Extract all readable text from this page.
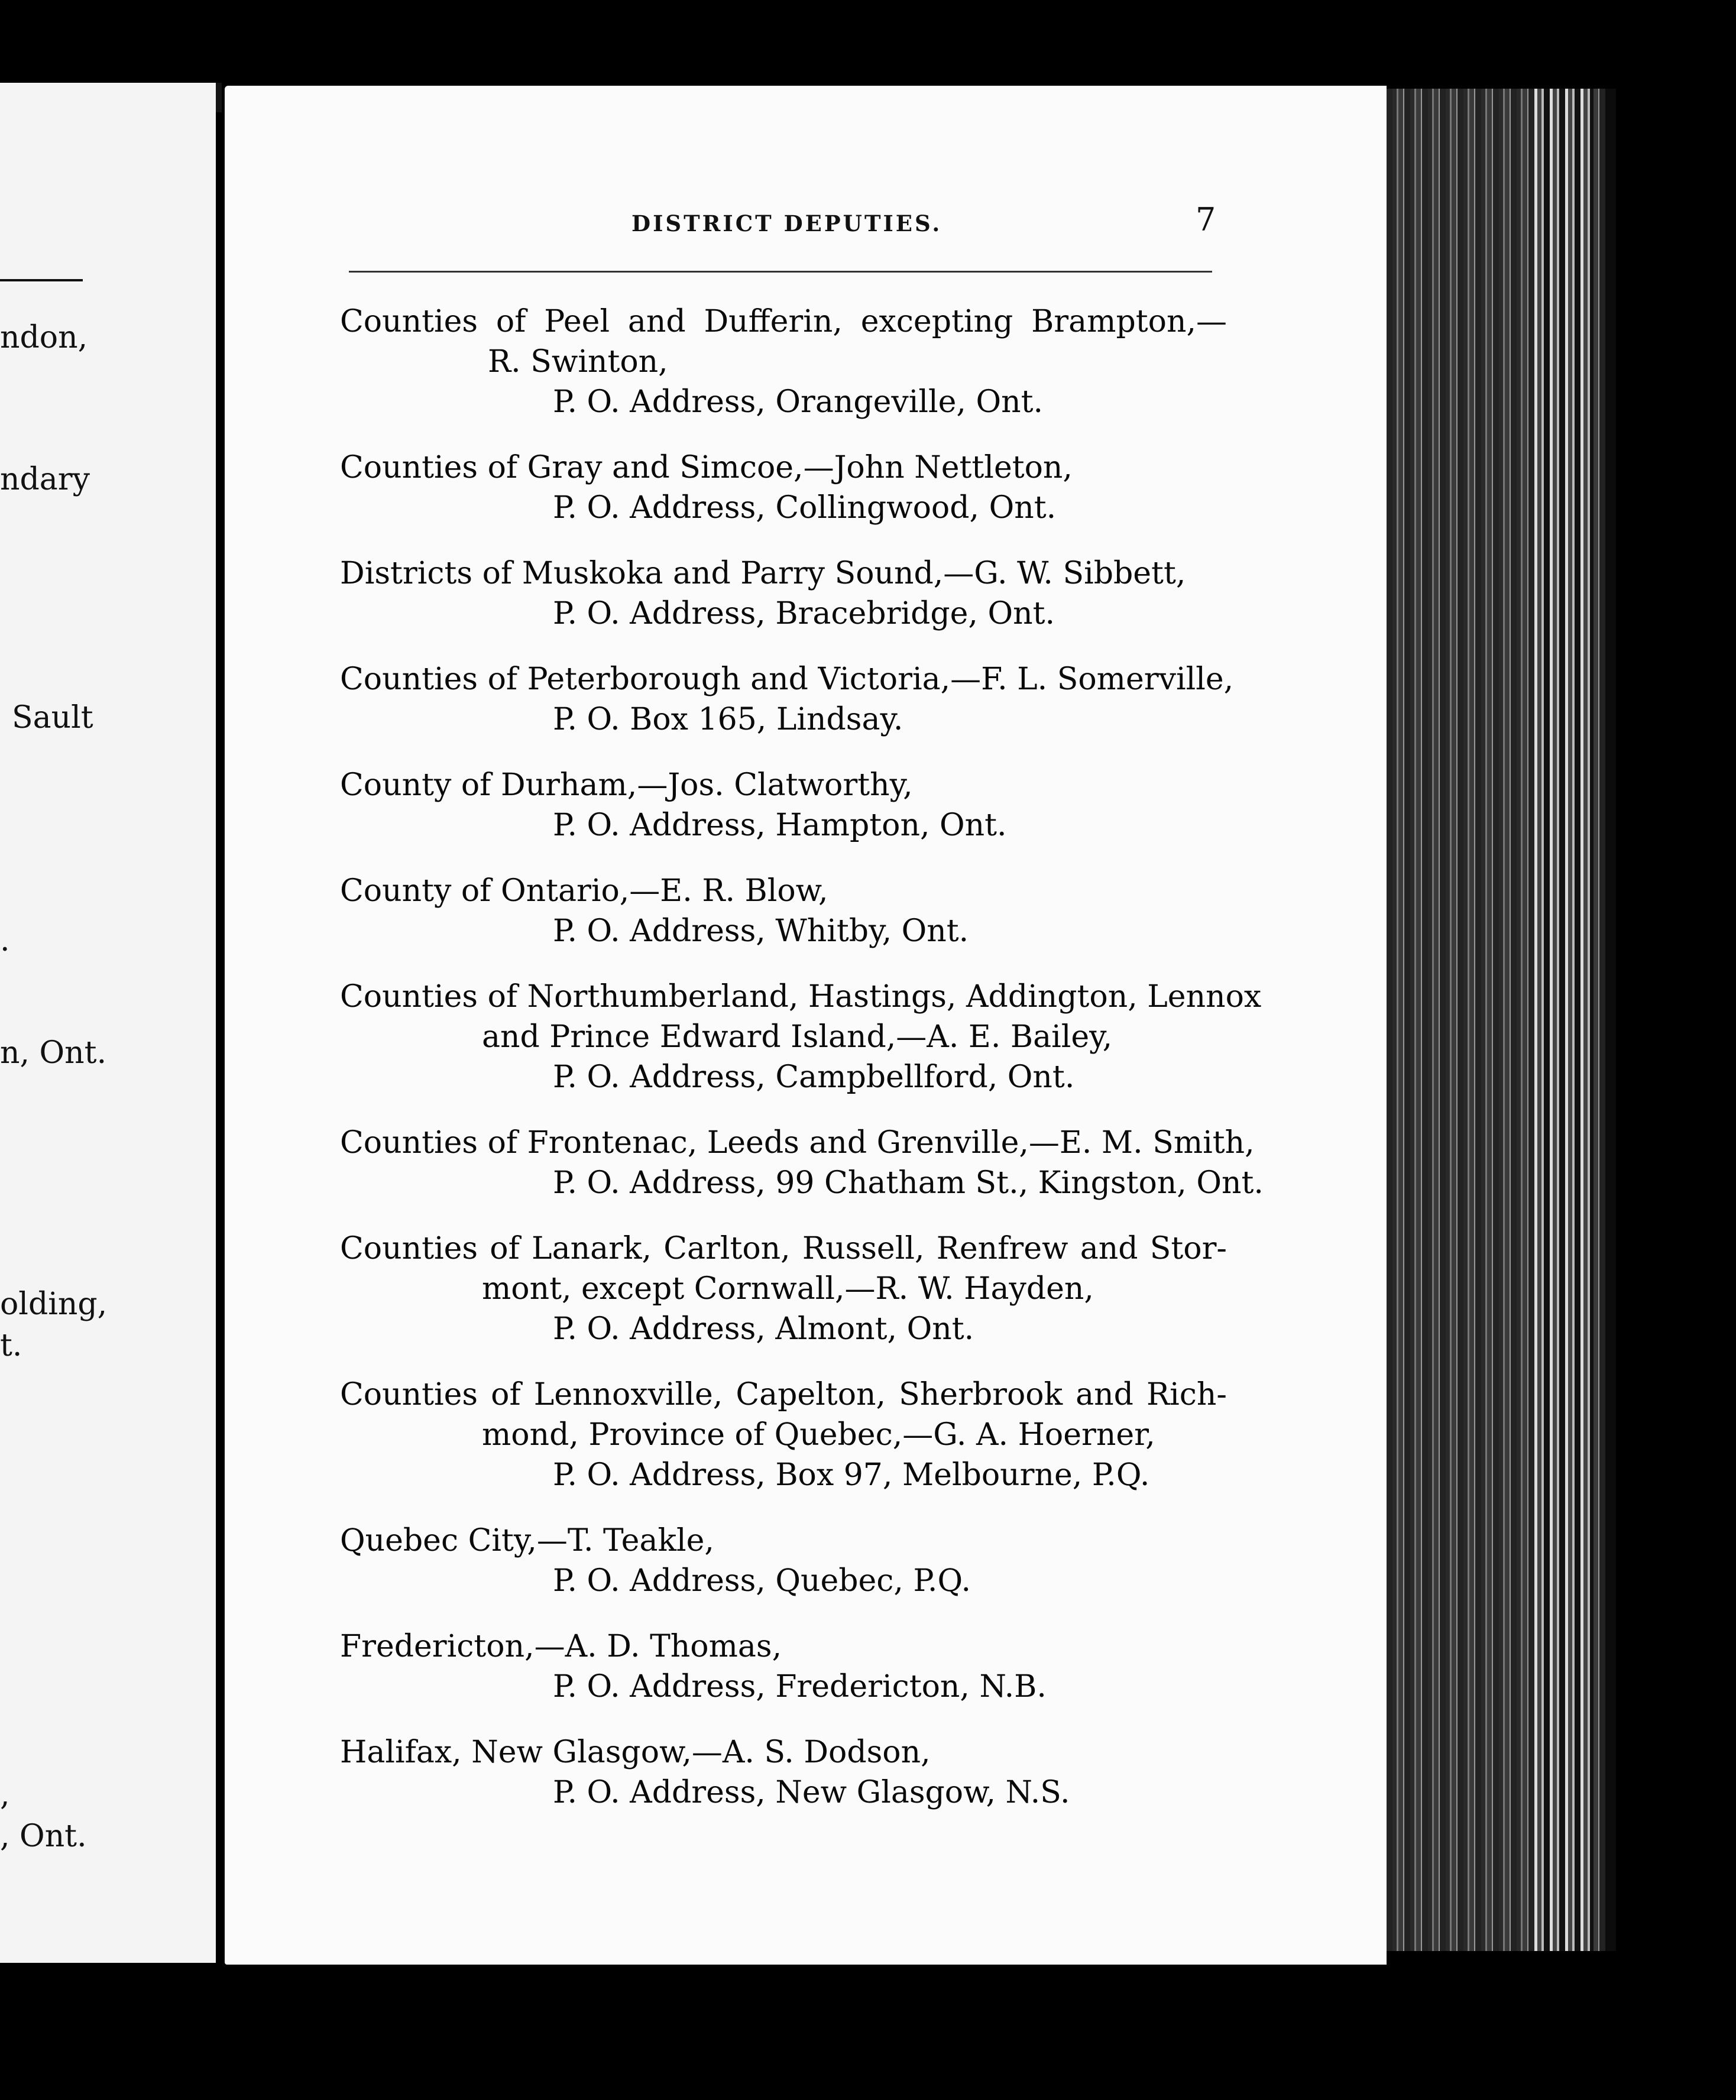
ndon,
ndary
Sault
.
n, Ont.
olding,
t.
,
, Ont.
DISTRICT DEPUTIES.	7
Counties of Peel and Dufferin, excepting Brampton,—
R. Swinton,
P. O. Address, Orangeville, Ont.
Counties of Gray and Simcoe,—John Nettleton,
P. O. Address, Collingwood, Ont.
Districts of Muskoka and Parry Sound,—G. W. Sibbett,
P. O. Address, Bracebridge, Ont.
Counties of Peterborough and Victoria,—F. L. Somerville,
P. O. Box 165, Lindsay.
County of Durham,—Jos. Clatworthy,
P. O. Address, Hampton, Ont.
County of Ontario,—E. R. Blow,
P. O. Address, Whitby, Ont.
Counties of Northumberland, Hastings, Addington, Lennox
and Prince Edward Island,—A. E. Bailey,
P. O. Address, Campbellford, Ont.
Counties of Frontenac, Leeds and Grenville,—E. M. Smith,
P. O. Address, 99 Chatham St., Kingston, Ont.
Counties of Lanark, Carlton, Russell, Renfrew and Stor-
mont, except Cornwall,—R. W. Hayden,
P. O. Address, Almont, Ont.
Counties of Lennoxville, Capelton, Sherbrook and Rich-
mond, Province of Quebec,—G. A. Hoerner,
P. O. Address, Box 97, Melbourne, P.Q.
Quebec City,—T. Teakle,
P. O. Address, Quebec, P.Q.
Fredericton,—A. D. Thomas,
P. O. Address, Fredericton, N.B.
Halifax, New Glasgow,—A. S. Dodson,
P. O. Address, New Glasgow, N.S.
